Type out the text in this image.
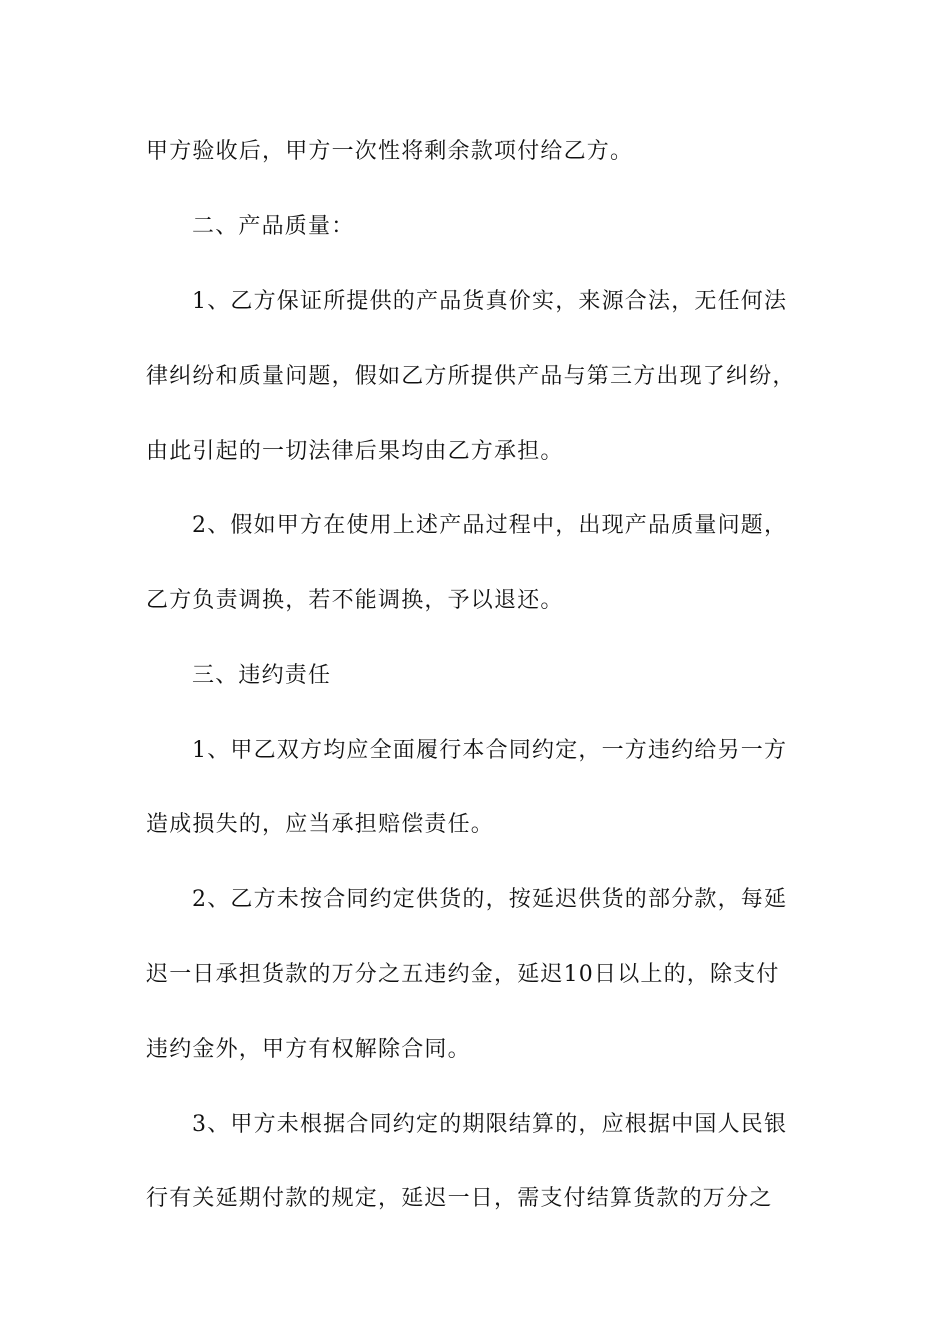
甲方验收后，甲方一次性将剩余款项付给乙方。
二、产品质量：
1、乙方保证所提供的产品货真价实，来源合法，无任何法
律纠纷和质量问题，假如乙方所提供产品与第三方出现了纠纷，
由此引起的一切法律后果均由乙方承担。
2、假如甲方在使用上述产品过程中，出现产品质量问题，
乙方负责调换，若不能调换，予以退还。
三、违约责任
1、甲乙双方均应全面履行本合同约定，一方违约给另一方
造成损失的，应当承担赔偿责任。
2、乙方未按合同约定供货的，按延迟供货的部分款，每延
迟一日承担货款的万分之五违约金，延迟10日以上的，除支付
违约金外，甲方有权解除合同。
3、甲方未根据合同约定的期限结算的，应根据中国人民银
行有关延期付款的规定，延迟一日，需支付结算货款的万分之
